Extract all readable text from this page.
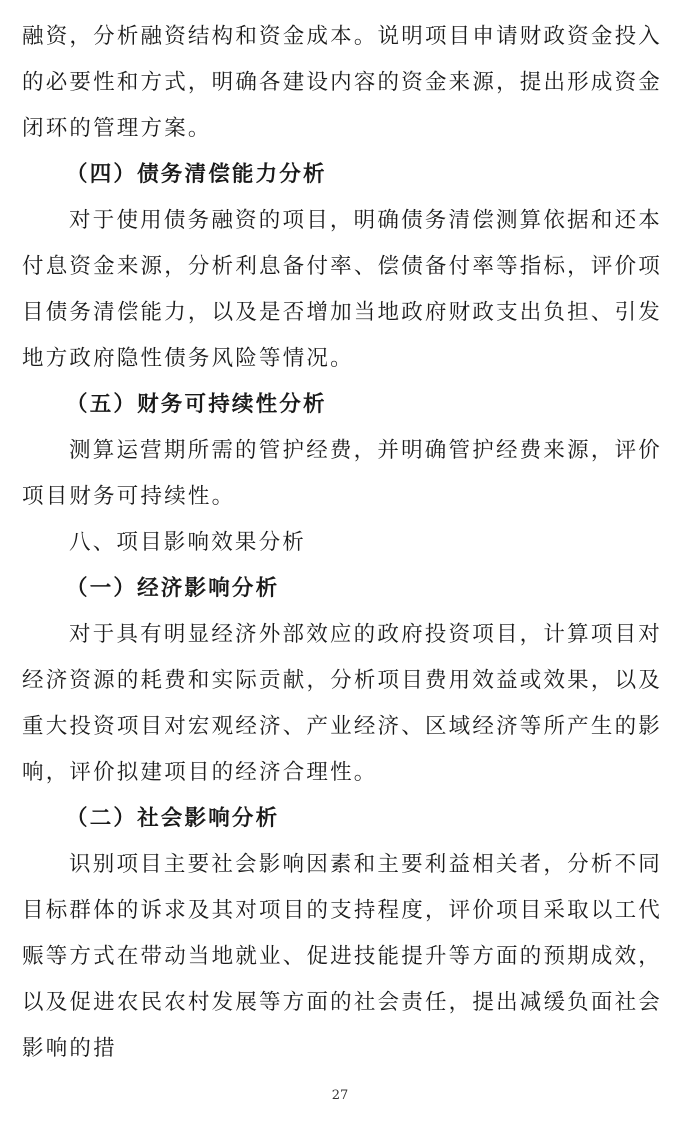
融资，分析融资结构和资金成本。说明项目申请财政资金投入的必要性和方式，明确各建设内容的资金来源，提出形成资金闭环的管理方案。

（四）债务清偿能力分析

对于使用债务融资的项目，明确债务清偿测算依据和还本付息资金来源，分析利息备付率、偿债备付率等指标，评价项目债务清偿能力，以及是否增加当地政府财政支出负担、引发地方政府隐性债务风险等情况。

（五）财务可持续性分析

测算运营期所需的管护经费，并明确管护经费来源，评价项目财务可持续性。

八、项目影响效果分析

（一）经济影响分析

对于具有明显经济外部效应的政府投资项目，计算项目对经济资源的耗费和实际贡献，分析项目费用效益或效果，以及重大投资项目对宏观经济、产业经济、区域经济等所产生的影响，评价拟建项目的经济合理性。

（二）社会影响分析

识别项目主要社会影响因素和主要利益相关者，分析不同目标群体的诉求及其对项目的支持程度，评价项目采取以工代赈等方式在带动当地就业、促进技能提升等方面的预期成效，以及促进农民农村发展等方面的社会责任，提出减缓负面社会影响的措

27
